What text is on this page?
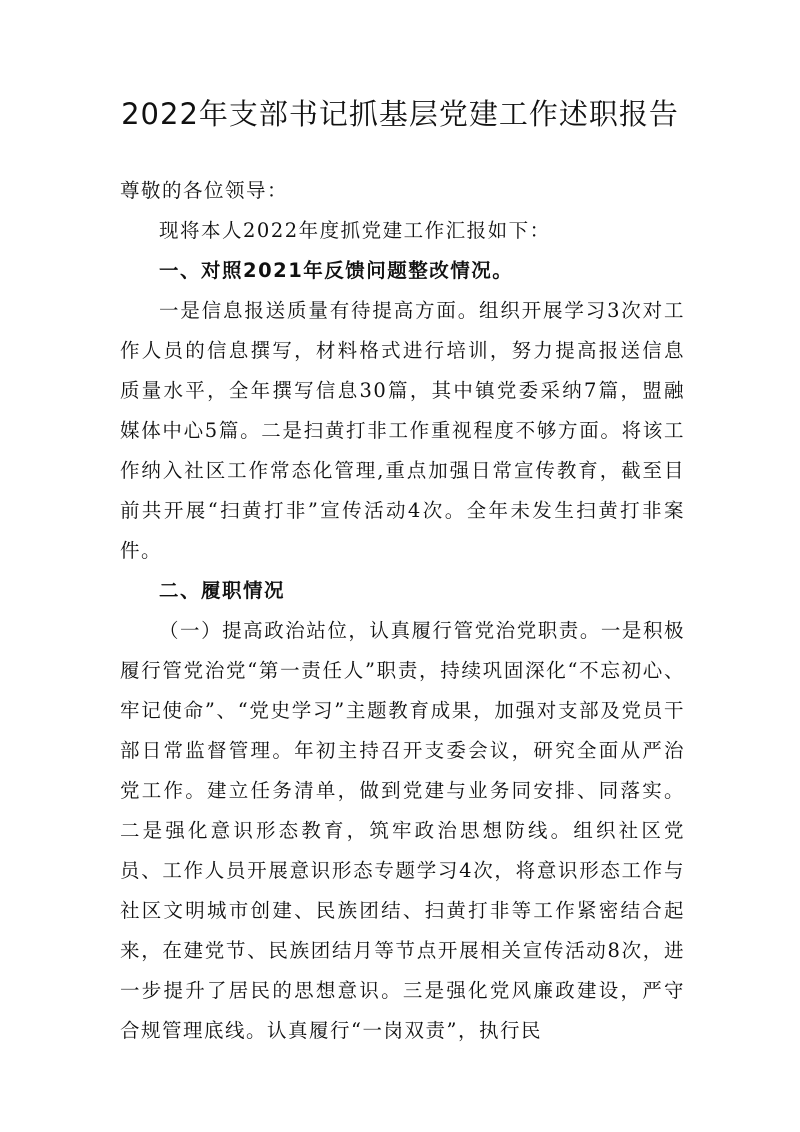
2022年支部书记抓基层党建工作述职报告

尊敬的各位领导：

现将本人2022年度抓党建工作汇报如下：

一、对照2021年反馈问题整改情况。

一是信息报送质量有待提高方面。组织开展学习3次对工作人员的信息撰写，材料格式进行培训，努力提高报送信息质量水平，全年撰写信息30篇，其中镇党委采纳7篇，盟融媒体中心5篇。二是扫黄打非工作重视程度不够方面。将该工作纳入社区工作常态化管理,重点加强日常宣传教育，截至目前共开展“扫黄打非”宣传活动4次。全年未发生扫黄打非案件。

二、履职情况

（一）提高政治站位，认真履行管党治党职责。一是积极履行管党治党“第一责任人”职责，持续巩固深化“不忘初心、牢记使命”、“党史学习”主题教育成果，加强对支部及党员干部日常监督管理。年初主持召开支委会议，研究全面从严治党工作。建立任务清单，做到党建与业务同安排、同落实。二是强化意识形态教育，筑牢政治思想防线。组织社区党员、工作人员开展意识形态专题学习4次，将意识形态工作与社区文明城市创建、民族团结、扫黄打非等工作紧密结合起来，在建党节、民族团结月等节点开展相关宣传活动8次，进一步提升了居民的思想意识。三是强化党风廉政建设，严守合规管理底线。认真履行“一岗双责”，执行民
